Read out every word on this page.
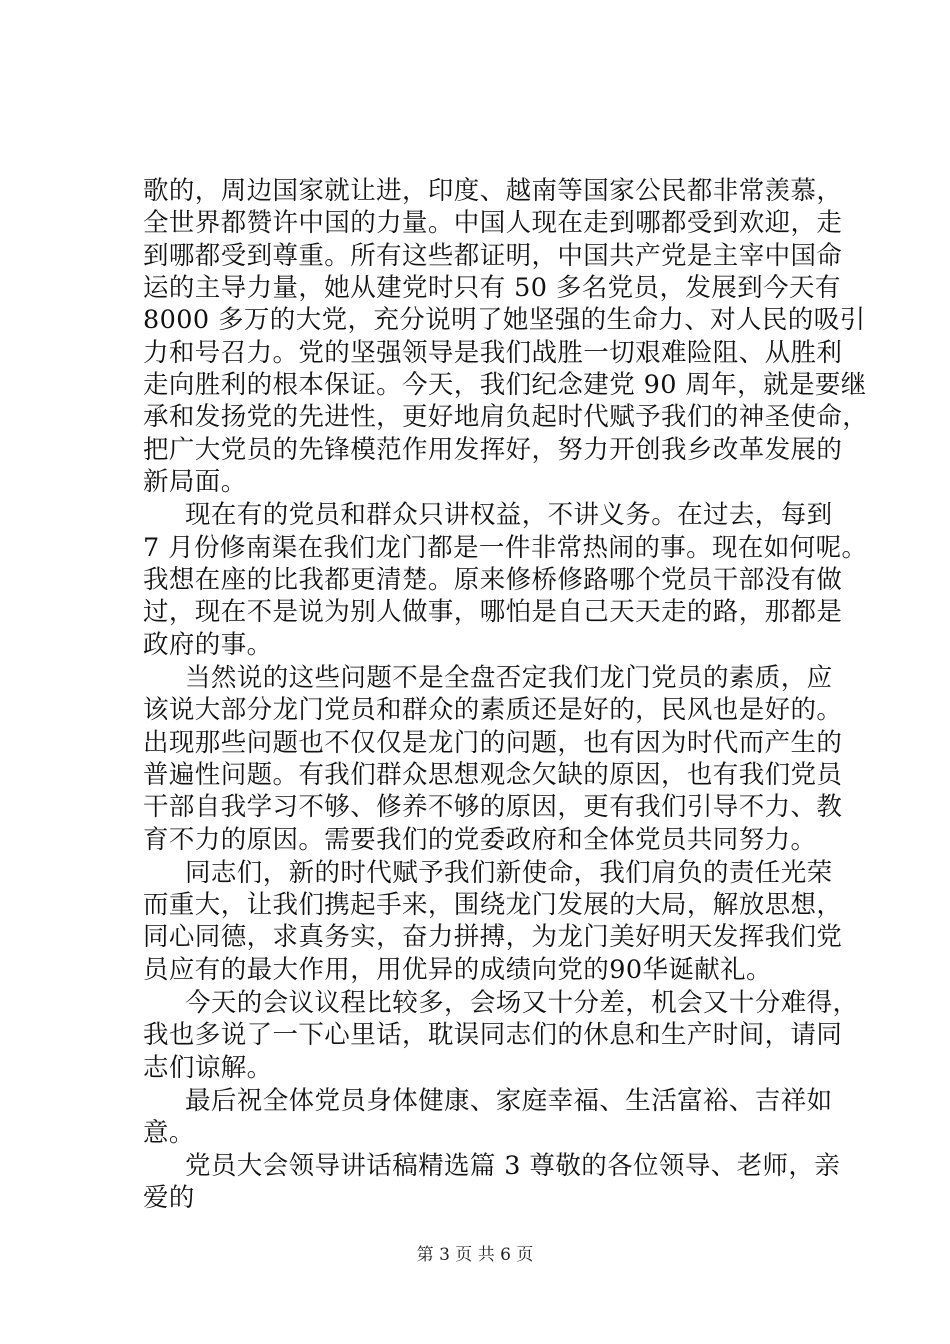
歌的，周边国家就让进，印度、越南等国家公民都非常羡慕，
全世界都赞许中国的力量。中国人现在走到哪都受到欢迎，走
到哪都受到尊重。所有这些都证明，中国共产党是主宰中国命
运的主导力量，她从建党时只有 50 多名党员，发展到今天有
8000 多万的大党，充分说明了她坚强的生命力、对人民的吸引
力和号召力。党的坚强领导是我们战胜一切艰难险阻、从胜利
走向胜利的根本保证。今天，我们纪念建党 90 周年，就是要继
承和发扬党的先进性，更好地肩负起时代赋予我们的神圣使命，
把广大党员的先锋模范作用发挥好，努力开创我乡改革发展的
新局面。
现在有的党员和群众只讲权益，不讲义务。在过去，每到
7 月份修南渠在我们龙门都是一件非常热闹的事。现在如何呢。
我想在座的比我都更清楚。原来修桥修路哪个党员干部没有做
过，现在不是说为别人做事，哪怕是自己天天走的路，那都是
政府的事。
当然说的这些问题不是全盘否定我们龙门党员的素质，应
该说大部分龙门党员和群众的素质还是好的，民风也是好的。
出现那些问题也不仅仅是龙门的问题，也有因为时代而产生的
普遍性问题。有我们群众思想观念欠缺的原因，也有我们党员
干部自我学习不够、修养不够的原因，更有我们引导不力、教
育不力的原因。需要我们的党委政府和全体党员共同努力。
同志们，新的时代赋予我们新使命，我们肩负的责任光荣
而重大，让我们携起手来，围绕龙门发展的大局，解放思想，
同心同德，求真务实，奋力拼搏，为龙门美好明天发挥我们党
员应有的最大作用，用优异的成绩向党的90华诞献礼。
今天的会议议程比较多，会场又十分差，机会又十分难得，
我也多说了一下心里话，耽误同志们的休息和生产时间，请同
志们谅解。
最后祝全体党员身体健康、家庭幸福、生活富裕、吉祥如
意。
党员大会领导讲话稿精选篇 3 尊敬的各位领导、老师，亲
爱的
第 3 页 共 6 页
